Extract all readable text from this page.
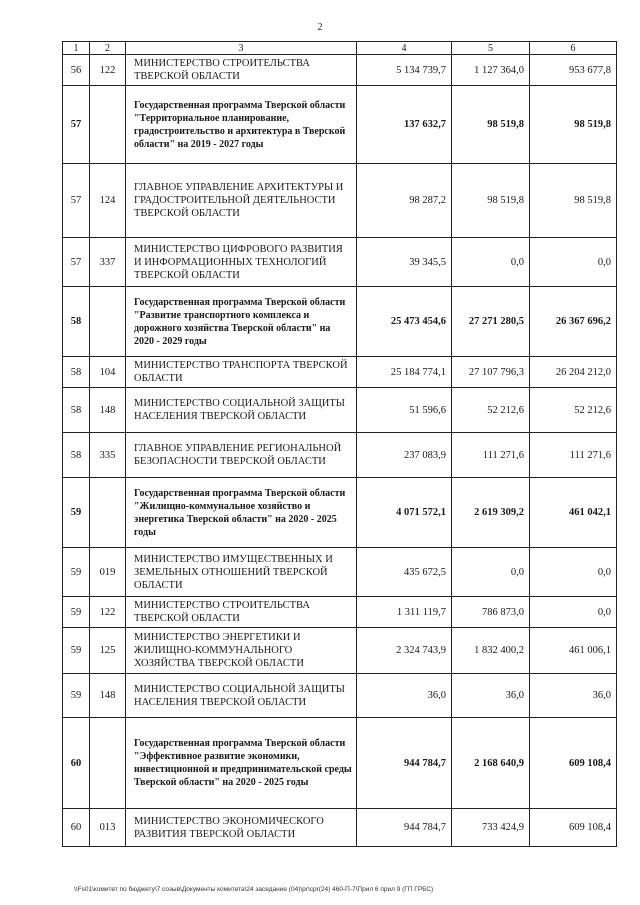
2
1	2	3	4	5	6
56	122	МИНИСТЕРСТВО СТРОИТЕЛЬСТВА ТВЕРСКОЙ ОБЛАСТИ	5 134 739,7	1 127 364,0	953 677,8
57		Государственная программа Тверской области "Территориальное планирование, градостроительство и архитектура в Тверской области" на 2019 - 2027 годы	137 632,7	98 519,8	98 519,8
57	124	ГЛАВНОЕ УПРАВЛЕНИЕ АРХИТЕКТУРЫ И ГРАДОСТРОИТЕЛЬНОЙ ДЕЯТЕЛЬНОСТИ ТВЕРСКОЙ ОБЛАСТИ	98 287,2	98 519,8	98 519,8
57	337	МИНИСТЕРСТВО ЦИФРОВОГО РАЗВИТИЯ И ИНФОРМАЦИОННЫХ ТЕХНОЛОГИЙ ТВЕРСКОЙ ОБЛАСТИ	39 345,5	0,0	0,0
58		Государственная программа Тверской области "Развитие транспортного комплекса и дорожного хозяйства Тверской области" на 2020 - 2029 годы	25 473 454,6	27 271 280,5	26 367 696,2
58	104	МИНИСТЕРСТВО ТРАНСПОРТА ТВЕРСКОЙ ОБЛАСТИ	25 184 774,1	27 107 796,3	26 204 212,0
58	148	МИНИСТЕРСТВО СОЦИАЛЬНОЙ ЗАЩИТЫ НАСЕЛЕНИЯ ТВЕРСКОЙ ОБЛАСТИ	51 596,6	52 212,6	52 212,6
58	335	ГЛАВНОЕ УПРАВЛЕНИЕ РЕГИОНАЛЬНОЙ БЕЗОПАСНОСТИ ТВЕРСКОЙ ОБЛАСТИ	237 083,9	111 271,6	111 271,6
59		Государственная программа Тверской области "Жилищно-коммунальное хозяйство и энергетика Тверской области" на 2020 - 2025 годы	4 071 572,1	2 619 309,2	461 042,1
59	019	МИНИСТЕРСТВО ИМУЩЕСТВЕННЫХ И ЗЕМЕЛЬНЫХ ОТНОШЕНИЙ ТВЕРСКОЙ ОБЛАСТИ	435 672,5	0,0	0,0
59	122	МИНИСТЕРСТВО СТРОИТЕЛЬСТВА ТВЕРСКОЙ ОБЛАСТИ	1 311 119,7	786 873,0	0,0
59	125	МИНИСТЕРСТВО ЭНЕРГЕТИКИ И ЖИЛИЩНО-КОММУНАЛЬНОГО ХОЗЯЙСТВА ТВЕРСКОЙ ОБЛАСТИ	2 324 743,9	1 832 400,2	461 006,1
59	148	МИНИСТЕРСТВО СОЦИАЛЬНОЙ ЗАЩИТЫ НАСЕЛЕНИЯ ТВЕРСКОЙ ОБЛАСТИ	36,0	36,0	36,0
60		Государственная программа Тверской области "Эффективное развитие экономики, инвестиционной и предпринимательской среды Тверской области" на 2020 - 2025 годы	944 784,7	2 168 640,9	609 108,4
60	013	МИНИСТЕРСТВО ЭКОНОМИЧЕСКОГО РАЗВИТИЯ ТВЕРСКОЙ ОБЛАСТИ	944 784,7	733 424,9	609 108,4
\\Fs01\комитет по бюджету\7 созыв\Документы комитета\24 заседание (04)\pr\cpr(24) 460-П-7\Прил 6 прил 9 (ГП ГРБС)
